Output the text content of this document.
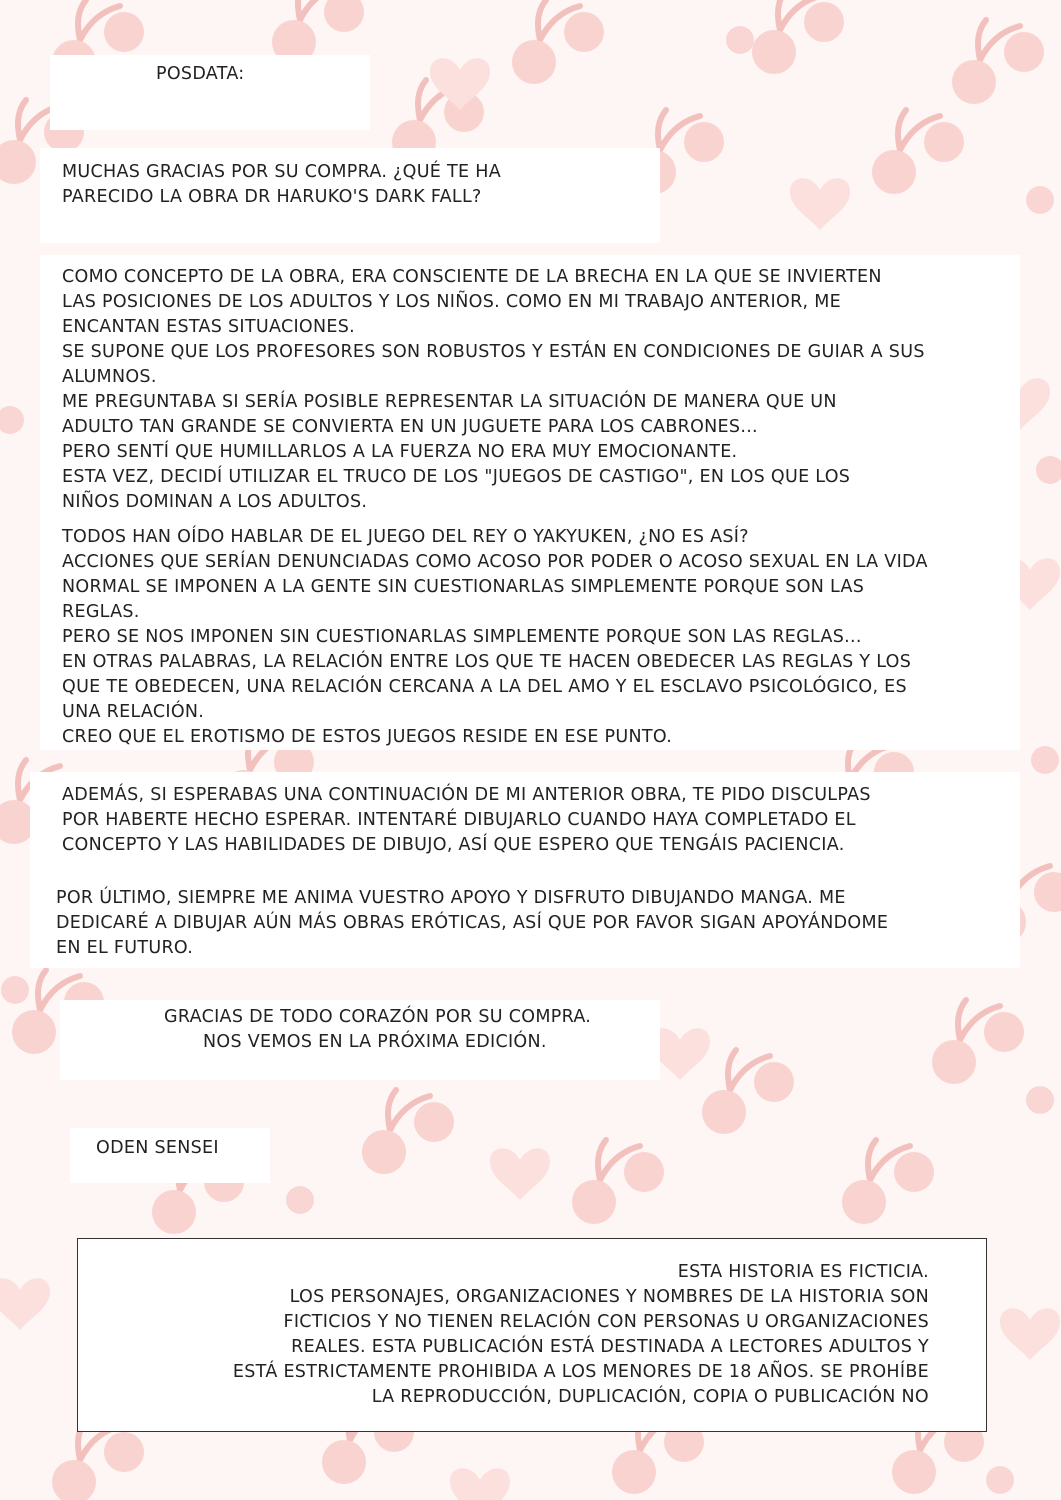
POSDATA:

MUCHAS GRACIAS POR SU COMPRA. ¿QUÉ TE HA
PARECIDO LA OBRA DR HARUKO'S DARK FALL?

COMO CONCEPTO DE LA OBRA, ERA CONSCIENTE DE LA BRECHA EN LA QUE SE INVIERTEN
LAS POSICIONES DE LOS ADULTOS Y LOS NIÑOS. COMO EN MI TRABAJO ANTERIOR, ME
ENCANTAN ESTAS SITUACIONES.
SE SUPONE QUE LOS PROFESORES SON ROBUSTOS Y ESTÁN EN CONDICIONES DE GUIAR A SUS
ALUMNOS.
ME PREGUNTABA SI SERÍA POSIBLE REPRESENTAR LA SITUACIÓN DE MANERA QUE UN
ADULTO TAN GRANDE SE CONVIERTA EN UN JUGUETE PARA LOS CABRONES...
PERO SENTÍ QUE HUMILLARLOS A LA FUERZA NO ERA MUY EMOCIONANTE.
ESTA VEZ, DECIDÍ UTILIZAR EL TRUCO DE LOS "JUEGOS DE CASTIGO", EN LOS QUE LOS
NIÑOS DOMINAN A LOS ADULTOS.

TODOS HAN OÍDO HABLAR DE EL JUEGO DEL REY O YAKYUKEN, ¿NO ES ASÍ?
ACCIONES QUE SERÍAN DENUNCIADAS COMO ACOSO POR PODER O ACOSO SEXUAL EN LA VIDA
NORMAL SE IMPONEN A LA GENTE SIN CUESTIONARLAS SIMPLEMENTE PORQUE SON LAS
REGLAS.
PERO SE NOS IMPONEN SIN CUESTIONARLAS SIMPLEMENTE PORQUE SON LAS REGLAS...
EN OTRAS PALABRAS, LA RELACIÓN ENTRE LOS QUE TE HACEN OBEDECER LAS REGLAS Y LOS
QUE TE OBEDECEN, UNA RELACIÓN CERCANA A LA DEL AMO Y EL ESCLAVO PSICOLÓGICO, ES
UNA RELACIÓN.
CREO QUE EL EROTISMO DE ESTOS JUEGOS RESIDE EN ESE PUNTO.

ADEMÁS, SI ESPERABAS UNA CONTINUACIÓN DE MI ANTERIOR OBRA, TE PIDO DISCULPAS
POR HABERTE HECHO ESPERAR. INTENTARÉ DIBUJARLO CUANDO HAYA COMPLETADO EL
CONCEPTO Y LAS HABILIDADES DE DIBUJO, ASÍ QUE ESPERO QUE TENGÁIS PACIENCIA.

POR ÚLTIMO, SIEMPRE ME ANIMA VUESTRO APOYO Y DISFRUTO DIBUJANDO MANGA. ME
DEDICARÉ A DIBUJAR AÚN MÁS OBRAS ERÓTICAS, ASÍ QUE POR FAVOR SIGAN APOYÁNDOME
EN EL FUTURO.

GRACIAS DE TODO CORAZÓN POR SU COMPRA.

NOS VEMOS EN LA PRÓXIMA EDICIÓN.

ODEN SENSEI

ESTA HISTORIA ES FICTICIA.
LOS PERSONAJES, ORGANIZACIONES Y NOMBRES DE LA HISTORIA SON
FICTICIOS Y NO TIENEN RELACIÓN CON PERSONAS U ORGANIZACIONES
REALES. ESTA PUBLICACIÓN ESTÁ DESTINADA A LECTORES ADULTOS Y
ESTÁ ESTRICTAMENTE PROHIBIDA A LOS MENORES DE 18 AÑOS. SE PROHÍBE
LA REPRODUCCIÓN, DUPLICACIÓN, COPIA O PUBLICACIÓN NO
